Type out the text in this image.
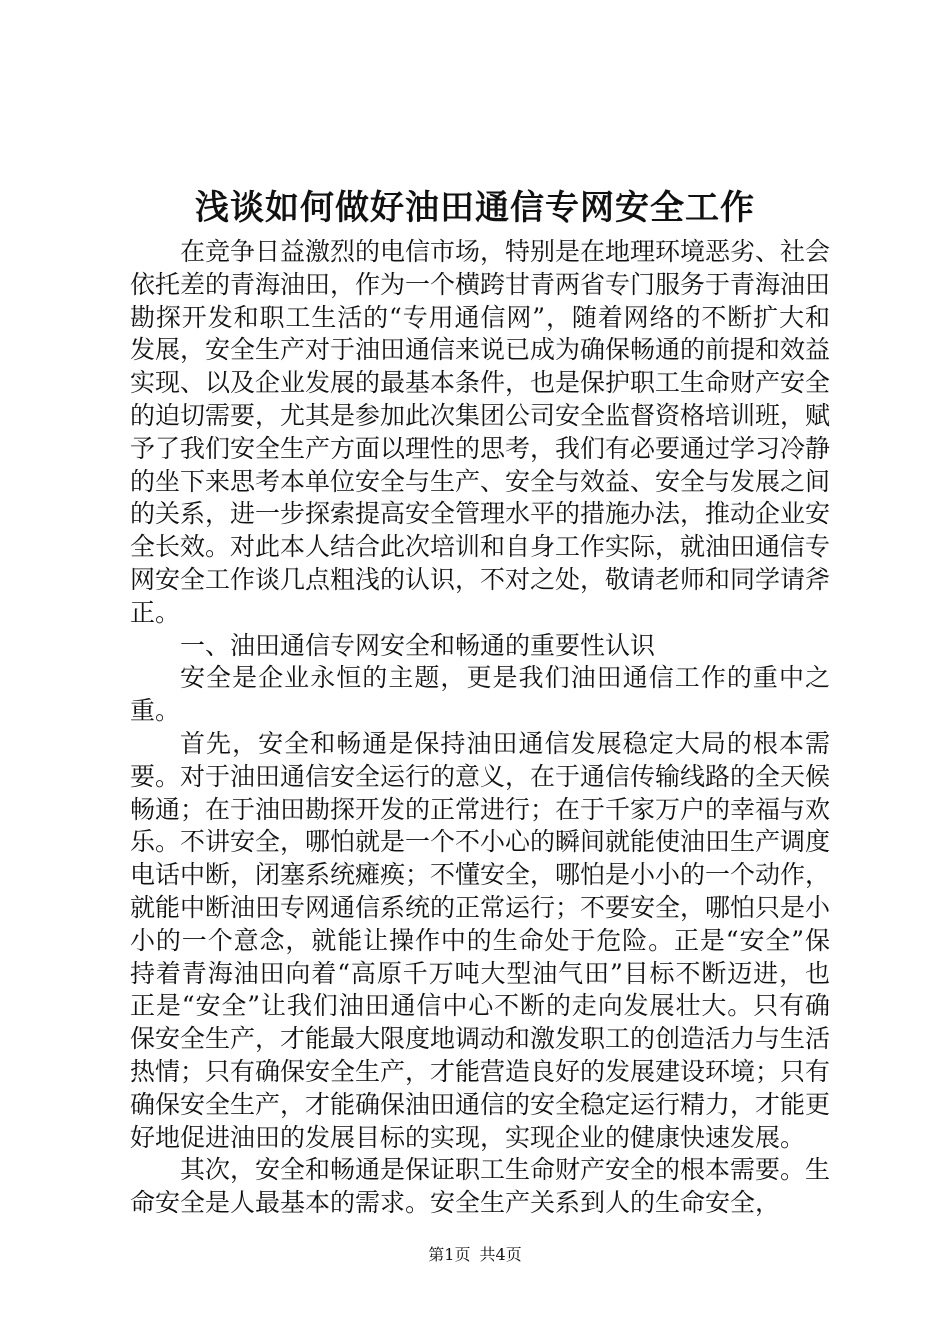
浅谈如何做好油田通信专网安全工作

在竞争日益激烈的电信市场，特别是在地理环境恶劣、社会依托差的青海油田，作为一个横跨甘青两省专门服务于青海油田勘探开发和职工生活的“专用通信网”，随着网络的不断扩大和发展，安全生产对于油田通信来说已成为确保畅通的前提和效益实现、以及企业发展的最基本条件，也是保护职工生命财产安全的迫切需要，尤其是参加此次集团公司安全监督资格培训班，赋予了我们安全生产方面以理性的思考，我们有必要通过学习冷静的坐下来思考本单位安全与生产、安全与效益、安全与发展之间的关系，进一步探索提高安全管理水平的措施办法，推动企业安全长效。对此本人结合此次培训和自身工作实际，就油田通信专网安全工作谈几点粗浅的认识，不对之处，敬请老师和同学请斧正。

一、油田通信专网安全和畅通的重要性认识

安全是企业永恒的主题，更是我们油田通信工作的重中之重。

首先，安全和畅通是保持油田通信发展稳定大局的根本需要。对于油田通信安全运行的意义，在于通信传输线路的全天候畅通；在于油田勘探开发的正常进行；在于千家万户的幸福与欢乐。不讲安全，哪怕就是一个不小心的瞬间就能使油田生产调度电话中断，闭塞系统瘫痪；不懂安全，哪怕是小小的一个动作，就能中断油田专网通信系统的正常运行；不要安全，哪怕只是小小的一个意念，就能让操作中的生命处于危险。正是“安全”保持着青海油田向着“高原千万吨大型油气田”目标不断迈进，也正是“安全”让我们油田通信中心不断的走向发展壮大。只有确保安全生产，才能最大限度地调动和激发职工的创造活力与生活热情；只有确保安全生产，才能营造良好的发展建设环境；只有确保安全生产，才能确保油田通信的安全稳定运行精力，才能更好地促进油田的发展目标的实现，实现企业的健康快速发展。

其次，安全和畅通是保证职工生命财产安全的根本需要。生命安全是人最基本的需求。安全生产关系到人的生命安全，

第1页 共4页
